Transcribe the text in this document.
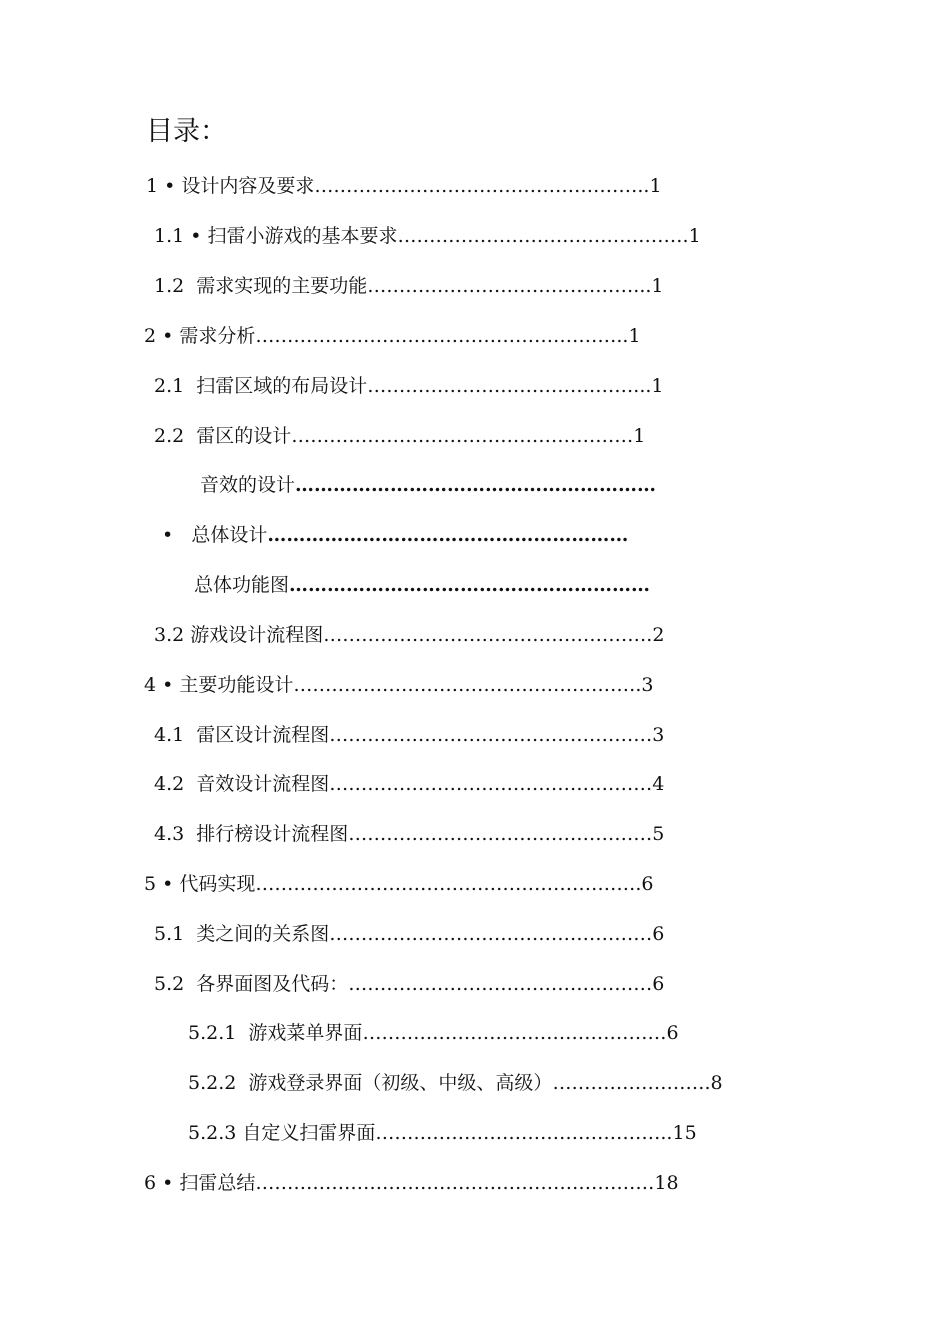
目录：
1 • 设计内容及要求……………………………………………..1
1.1 • 扫雷小游戏的基本要求……………………………………….1
1.2  需求实现的主要功能……………………………………...1
2 • 需求分析…………………………………………………..1
2.1  扫雷区域的布局设计……………………………………...1
2.2  雷区的设计………………………………………………1
音效的设计…………………………………………………
•   总体设计…………………………………………………
总体功能图…………………………………………………
3.2 游戏设计流程图…………………………………………….2
4 • 主要功能设计……………………………………………….3
4.1  雷区设计流程图……………………………………………3
4.2  音效设计流程图……………………………………………4
4.3  排行榜设计流程图…………………………………………5
5 • 代码实现…………………………………………………….6
5.1  类之间的关系图……………………………………………6
5.2  各界面图及代码：…………………………………………6
5.2.1  游戏菜单界面…………………………………………6
5.2.2  游戏登录界面（初级、中级、高级）…………………….8
5.2.3 自定义扫雷界面………………………………………..15
6 • 扫雷总结………………………………………………………18
